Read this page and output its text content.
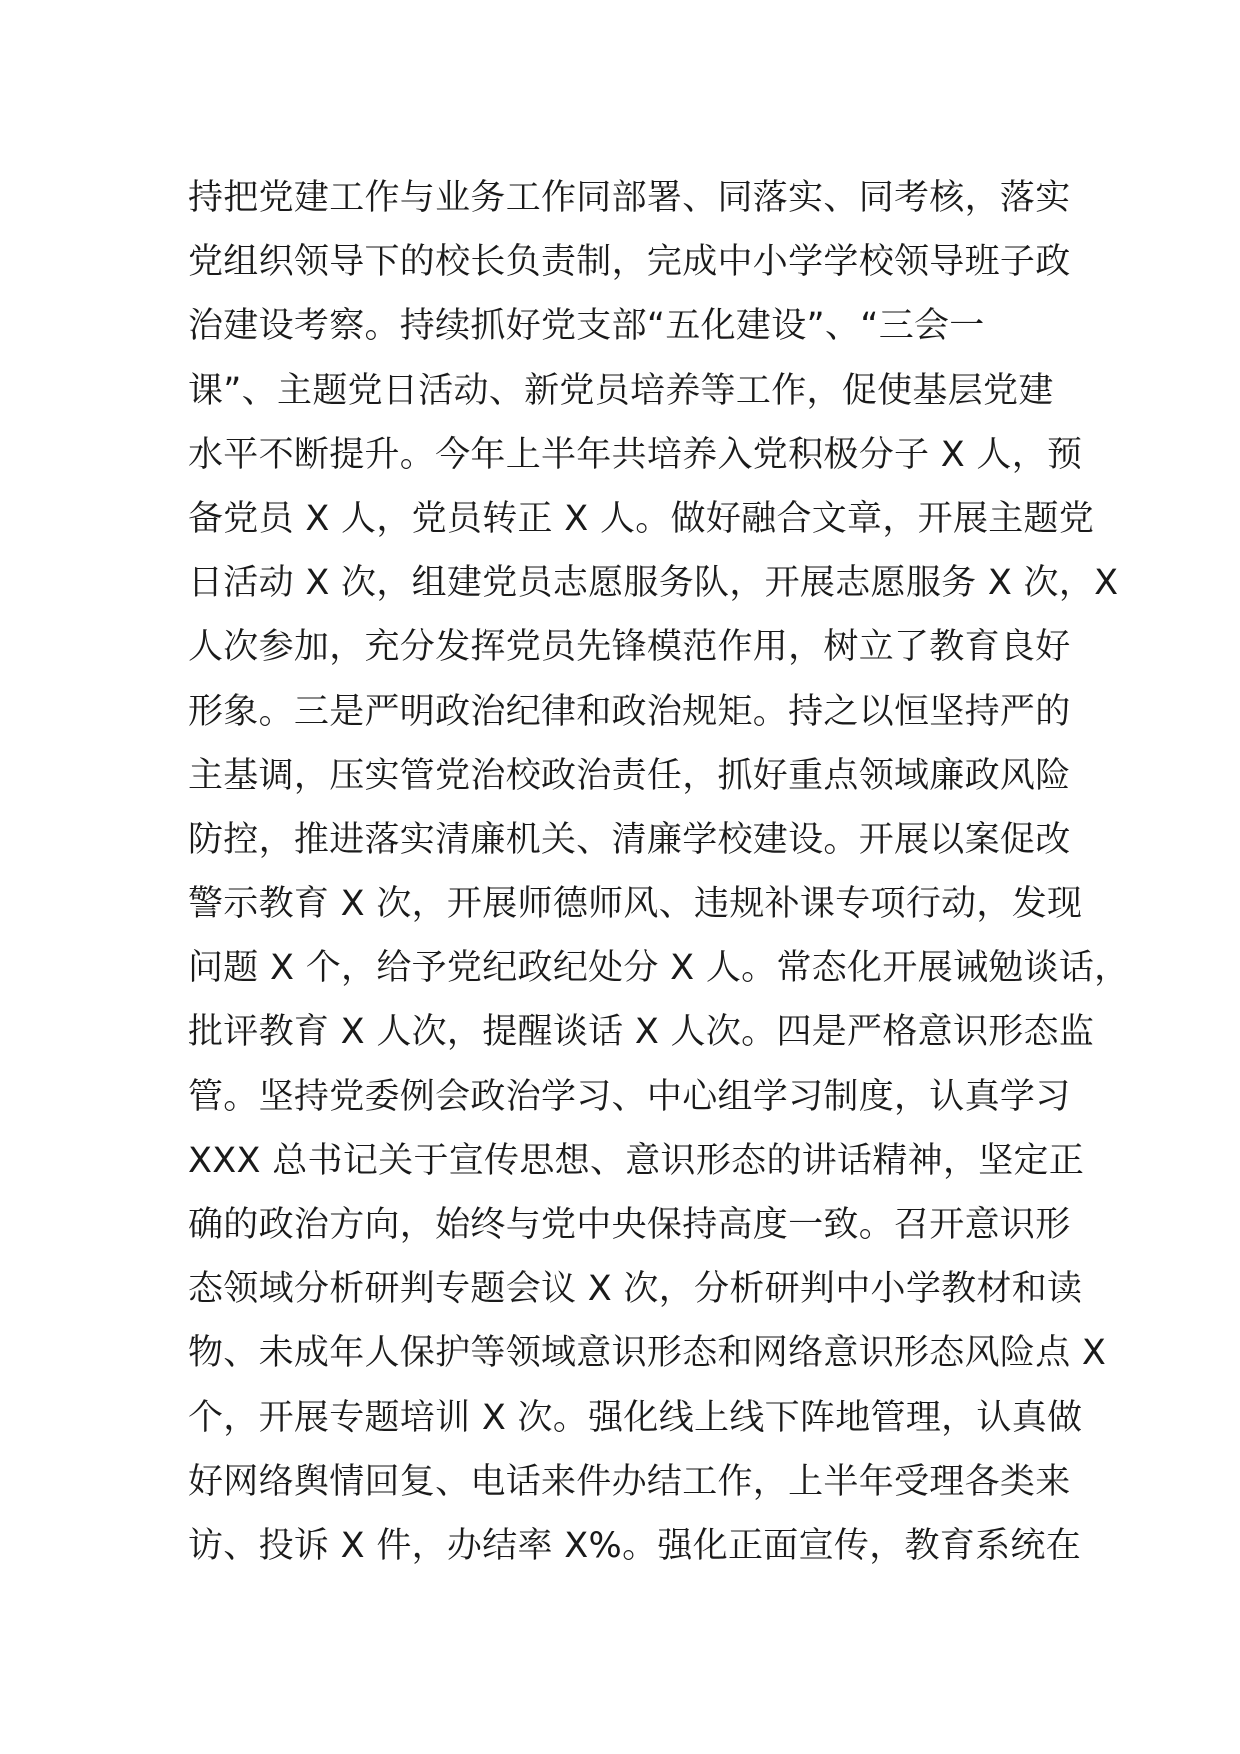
持把党建工作与业务工作同部署、同落实、同考核，落实
党组织领导下的校长负责制，完成中小学学校领导班子政
治建设考察。持续抓好党支部“五化建设”、“三会一
课”、主题党日活动、新党员培养等工作，促使基层党建
水平不断提升。今年上半年共培养入党积极分子 X 人，预
备党员 X 人，党员转正 X 人。做好融合文章，开展主题党
日活动 X 次，组建党员志愿服务队，开展志愿服务 X 次，X
人次参加，充分发挥党员先锋模范作用，树立了教育良好
形象。三是严明政治纪律和政治规矩。持之以恒坚持严的
主基调，压实管党治校政治责任，抓好重点领域廉政风险
防控，推进落实清廉机关、清廉学校建设。开展以案促改
警示教育 X 次，开展师德师风、违规补课专项行动，发现
问题 X 个，给予党纪政纪处分 X 人。常态化开展诫勉谈话，
批评教育 X 人次，提醒谈话 X 人次。四是严格意识形态监
管。坚持党委例会政治学习、中心组学习制度，认真学习
XXX 总书记关于宣传思想、意识形态的讲话精神，坚定正
确的政治方向，始终与党中央保持高度一致。召开意识形
态领域分析研判专题会议 X 次，分析研判中小学教材和读
物、未成年人保护等领域意识形态和网络意识形态风险点 X
个，开展专题培训 X 次。强化线上线下阵地管理，认真做
好网络舆情回复、电话来件办结工作，上半年受理各类来
访、投诉 X 件，办结率 X%。强化正面宣传，教育系统在
